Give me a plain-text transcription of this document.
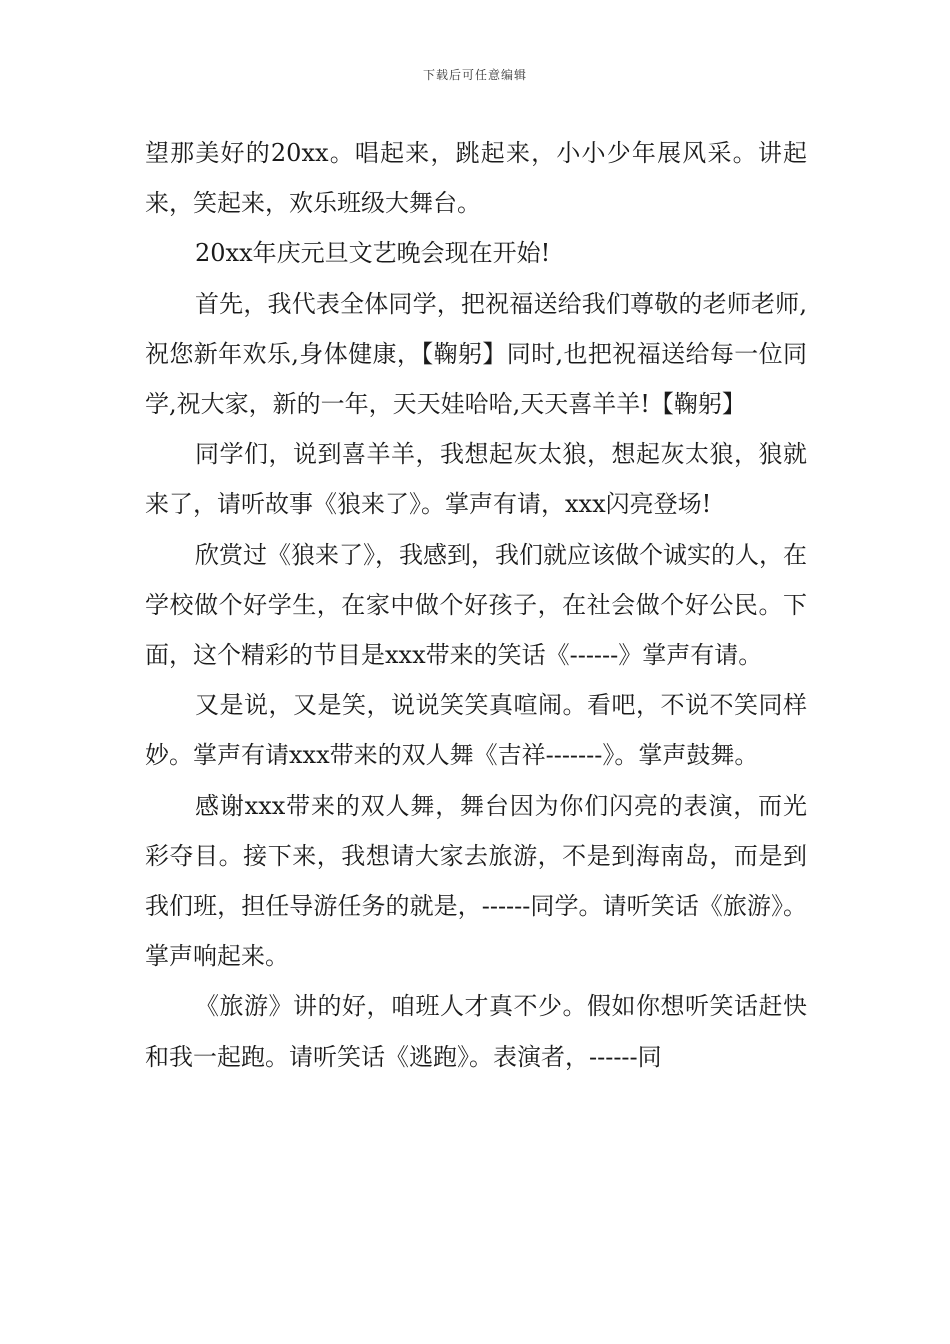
下载后可任意编辑

望那美好的20xx。唱起来，跳起来，小小少年展风采。讲起来，笑起来，欢乐班级大舞台。

20xx年庆元旦文艺晚会现在开始!

首先，我代表全体同学，把祝福送给我们尊敬的老师老师,祝您新年欢乐,身体健康，【鞠躬】同时,也把祝福送给每一位同学,祝大家，新的一年，天天娃哈哈,天天喜羊羊!【鞠躬】

同学们，说到喜羊羊，我想起灰太狼，想起灰太狼，狼就来了，请听故事《狼来了》。掌声有请，xxx闪亮登场!

欣赏过《狼来了》，我感到，我们就应该做个诚实的人，在学校做个好学生，在家中做个好孩子，在社会做个好公民。下面，这个精彩的节目是xxx带来的笑话《------》掌声有请。

又是说，又是笑，说说笑笑真喧闹。看吧，不说不笑同样妙。掌声有请xxx带来的双人舞《吉祥-------》。掌声鼓舞。

感谢xxx带来的双人舞，舞台因为你们闪亮的表演，而光彩夺目。接下来，我想请大家去旅游，不是到海南岛，而是到我们班，担任导游任务的就是，------同学。请听笑话《旅游》。掌声响起来。

《旅游》讲的好，咱班人才真不少。假如你想听笑话赶快和我一起跑。请听笑话《逃跑》。表演者，------同
